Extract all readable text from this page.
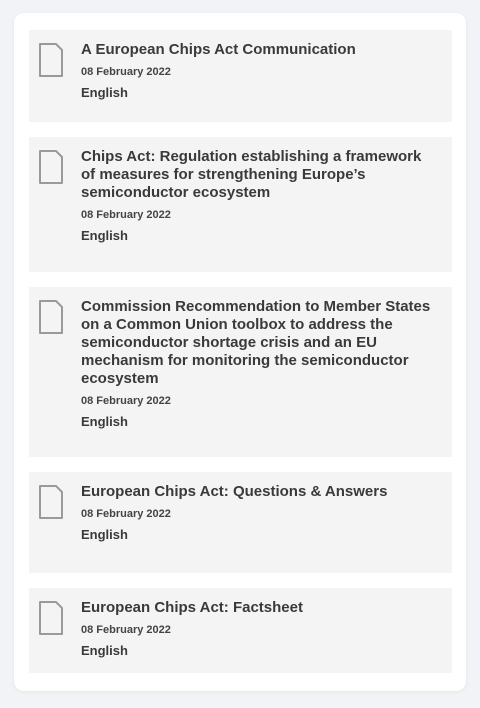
A European Chips Act Communication
08 February 2022
English
Chips Act: Regulation establishing a framework of measures for strengthening Europe’s semiconductor ecosystem
08 February 2022
English
Commission Recommendation to Member States on a Common Union toolbox to address the semiconductor shortage crisis and an EU mechanism for monitoring the semiconductor ecosystem
08 February 2022
English
European Chips Act: Questions & Answers
08 February 2022
English
European Chips Act: Factsheet
08 February 2022
English
